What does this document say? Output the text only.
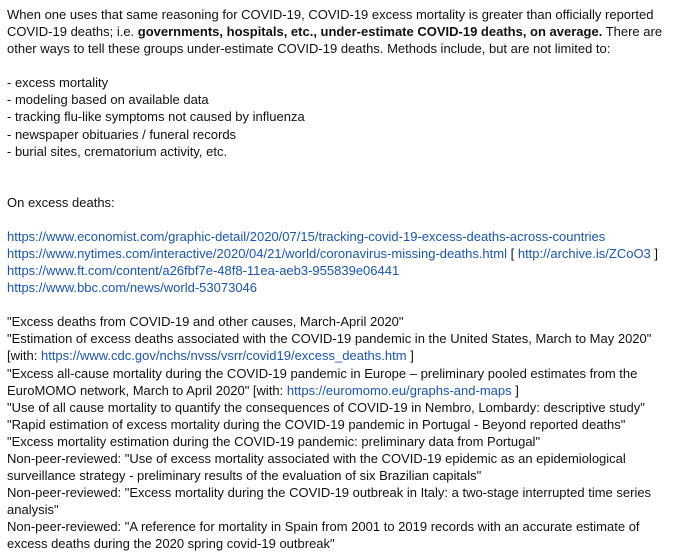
When one uses that same reasoning for COVID-19, COVID-19 excess mortality is greater than officially reported COVID-19 deaths; i.e. governments, hospitals, etc., under-estimate COVID-19 deaths, on average. There are other ways to tell these groups under-estimate COVID-19 deaths. Methods include, but are not limited to:

- excess mortality

- modeling based on available data

- tracking flu-like symptoms not caused by influenza

- newspaper obituaries / funeral records

- burial sites, crematorium activity, etc.

On excess deaths:

https://www.economist.com/graphic-detail/2020/07/15/tracking-covid-19-excess-deaths-across-countries

https://www.nytimes.com/interactive/2020/04/21/world/coronavirus-missing-deaths.html [ http://archive.is/ZCoO3 ]

https://www.ft.com/content/a26fbf7e-48f8-11ea-aeb3-955839e06441

https://www.bbc.com/news/world-53073046

"Excess deaths from COVID-19 and other causes, March-April 2020"

"Estimation of excess deaths associated with the COVID-19 pandemic in the United States, March to May 2020" [with: https://www.cdc.gov/nchs/nvss/vsrr/covid19/excess_deaths.htm ]

"Excess all-cause mortality during the COVID-19 pandemic in Europe – preliminary pooled estimates from the EuroMOMO network, March to April 2020" [with: https://euromomo.eu/graphs-and-maps ]

"Use of all cause mortality to quantify the consequences of COVID-19 in Nembro, Lombardy: descriptive study"

"Rapid estimation of excess mortality during the COVID-19 pandemic in Portugal - Beyond reported deaths"

"Excess mortality estimation during the COVID-19 pandemic: preliminary data from Portugal"

Non-peer-reviewed: "Use of excess mortality associated with the COVID-19 epidemic as an epidemiological surveillance strategy - preliminary results of the evaluation of six Brazilian capitals"

Non-peer-reviewed: "Excess mortality during the COVID-19 outbreak in Italy: a two-stage interrupted time series analysis"

Non-peer-reviewed: "A reference for mortality in Spain from 2001 to 2019 records with an accurate estimate of excess deaths during the 2020 spring covid-19 outbreak"
